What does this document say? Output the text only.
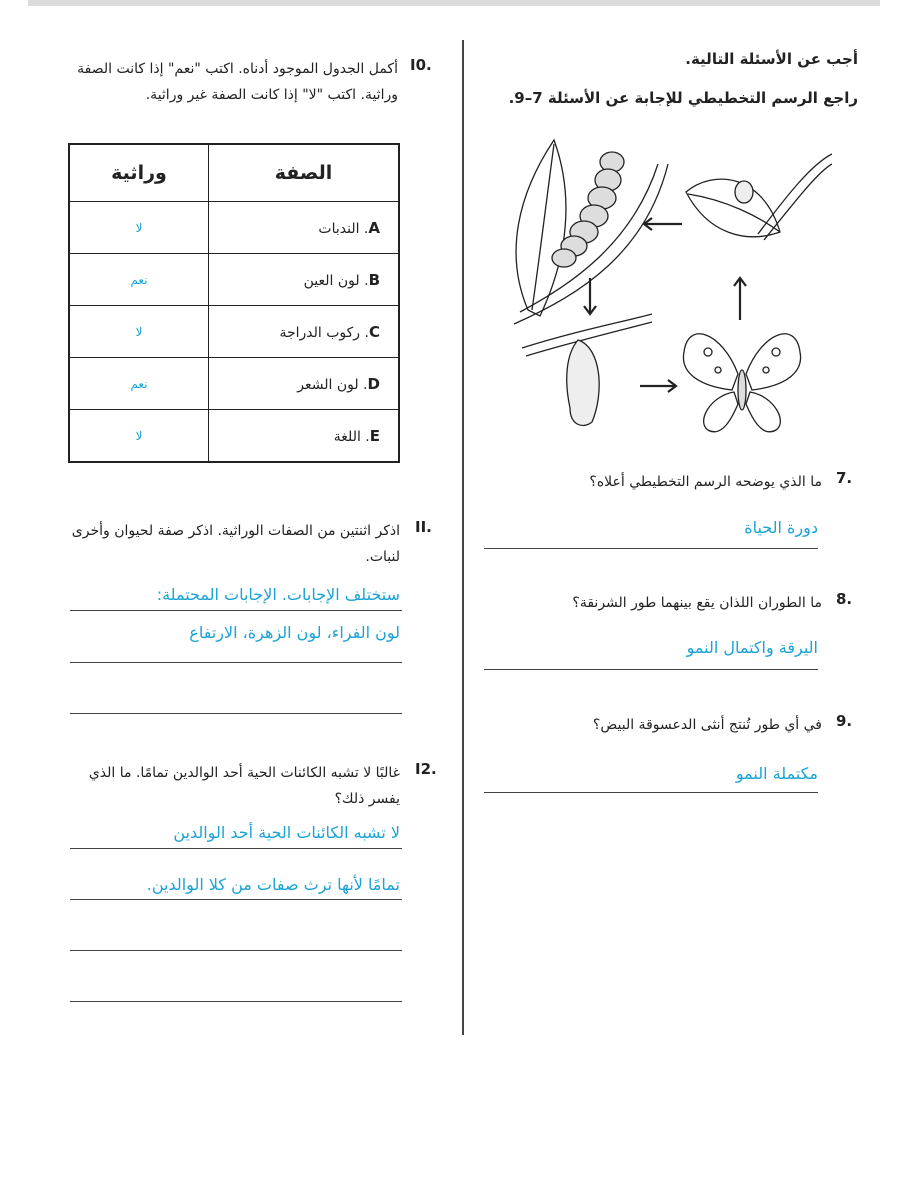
أجب عن الأسئلة التالية.
راجع الرسم التخطيطي للإجابة عن الأسئلة 7–9.
7.
ما الذي يوضحه الرسم التخطيطي أعلاه؟
دورة الحياة
8.
ما الطوران اللذان يقع بينهما طور الشرنقة؟
اليرقة واكتمال النمو
9.
في أي طور تُنتج أنثى الدعسوقة البيض؟
مكتملة النمو
I0.
أكمل الجدول الموجود أدناه. اكتب "نعم" إذا كانت الصفة وراثية. اكتب "لا" إذا كانت الصفة غير وراثية.
الصفة	وراثية
A. الندبات	لا
B. لون العين	نعم
C. ركوب الدراجة	لا
D. لون الشعر	نعم
E. اللغة	لا
II.
اذكر اثنتين من الصفات الوراثية. اذكر صفة لحيوان وأخرى لنبات.
ستختلف الإجابات. الإجابات المحتملة:
لون الفراء، لون الزهرة، الارتفاع
I2.
غالبًا لا تشبه الكائنات الحية أحد الوالدين تمامًا. ما الذي يفسر ذلك؟
لا تشبه الكائنات الحية أحد الوالدين
تمامًا لأنها ترث صفات من كلا الوالدين.
